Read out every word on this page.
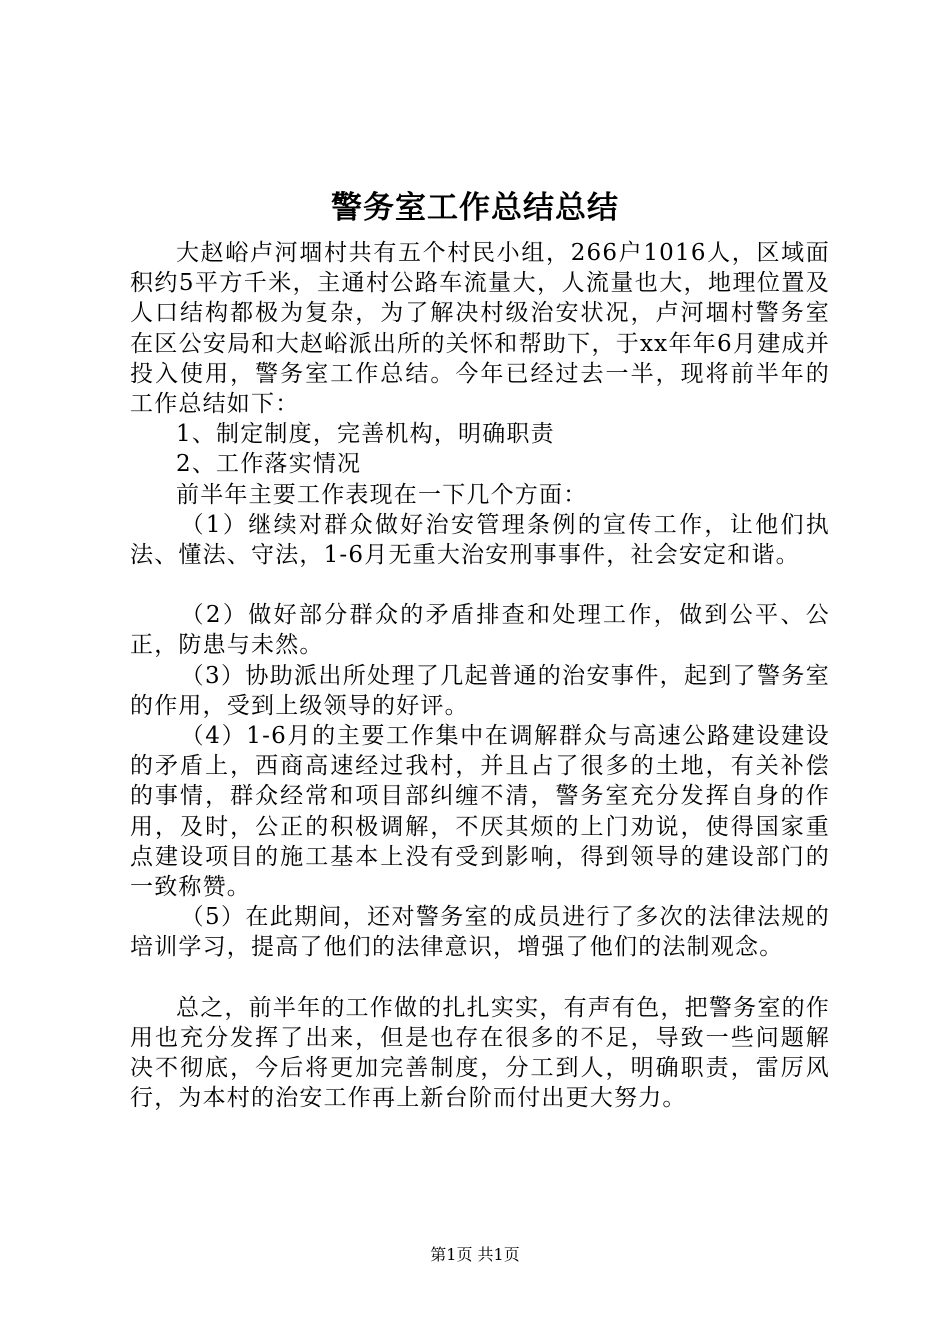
警务室工作总结总结

大赵峪卢河堌村共有五个村民小组，266户1016人，区域面积约5平方千米，主通村公路车流量大，人流量也大，地理位置及人口结构都极为复杂，为了解决村级治安状况，卢河堌村警务室在区公安局和大赵峪派出所的关怀和帮助下，于xx年年6月建成并投入使用，警务室工作总结。今年已经过去一半，现将前半年的工作总结如下：

1、制定制度，完善机构，明确职责

2、工作落实情况

前半年主要工作表现在一下几个方面：

（1）继续对群众做好治安管理条例的宣传工作，让他们执法、懂法、守法，1-6月无重大治安刑事事件，社会安定和谐。

（2）做好部分群众的矛盾排查和处理工作，做到公平、公正，防患与未然。

（3）协助派出所处理了几起普通的治安事件，起到了警务室的作用，受到上级领导的好评。

（4）1-6月的主要工作集中在调解群众与高速公路建设建设的矛盾上，西商高速经过我村，并且占了很多的土地，有关补偿的事情，群众经常和项目部纠缠不清，警务室充分发挥自身的作用，及时，公正的积极调解，不厌其烦的上门劝说，使得国家重点建设项目的施工基本上没有受到影响，得到领导的建设部门的一致称赞。

（5）在此期间，还对警务室的成员进行了多次的法律法规的培训学习，提高了他们的法律意识，增强了他们的法制观念。

总之，前半年的工作做的扎扎实实，有声有色，把警务室的作用也充分发挥了出来，但是也存在很多的不足，导致一些问题解决不彻底，今后将更加完善制度，分工到人，明确职责，雷厉风行，为本村的治安工作再上新台阶而付出更大努力。

第1页 共1页
